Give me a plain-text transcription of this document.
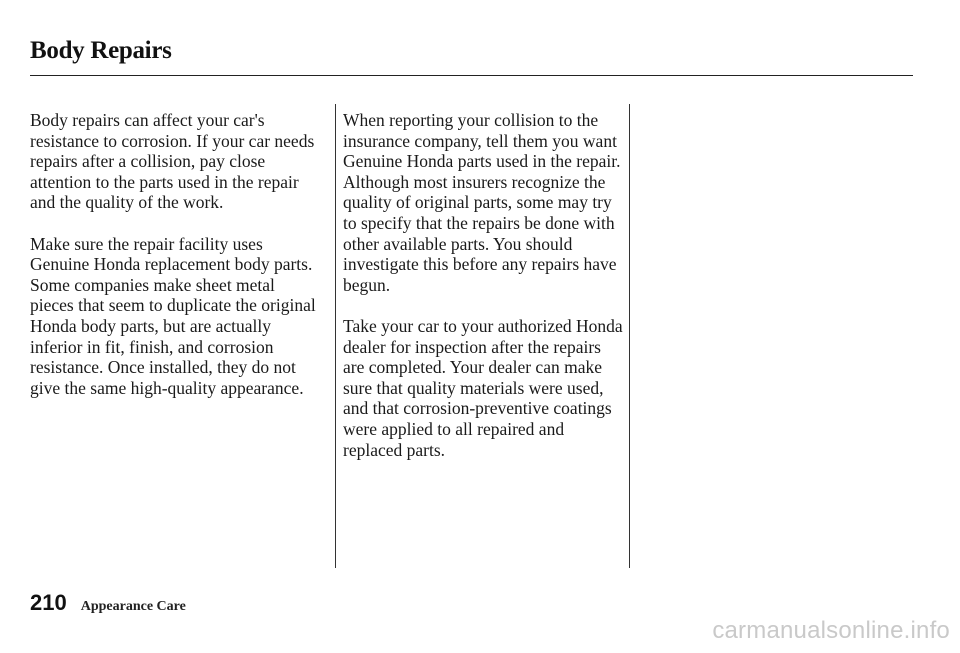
Body Repairs

Body repairs can affect your car's resistance to corrosion. If your car needs repairs after a collision, pay close attention to the parts used in the repair and the quality of the work.

Make sure the repair facility uses Genuine Honda replacement body parts. Some companies make sheet metal pieces that seem to duplicate the original Honda body parts, but are actually inferior in fit, finish, and corrosion resistance. Once installed, they do not give the same high-quality appearance.

When reporting your collision to the insurance company, tell them you want Genuine Honda parts used in the repair. Although most insurers recognize the quality of original parts, some may try to specify that the repairs be done with other available parts. You should investigate this before any repairs have begun.

Take your car to your authorized Honda dealer for inspection after the repairs are completed. Your dealer can make sure that quality materials were used, and that corrosion-preventive coatings were applied to all repaired and replaced parts.

210 Appearance Care
carmanualsonline.info
